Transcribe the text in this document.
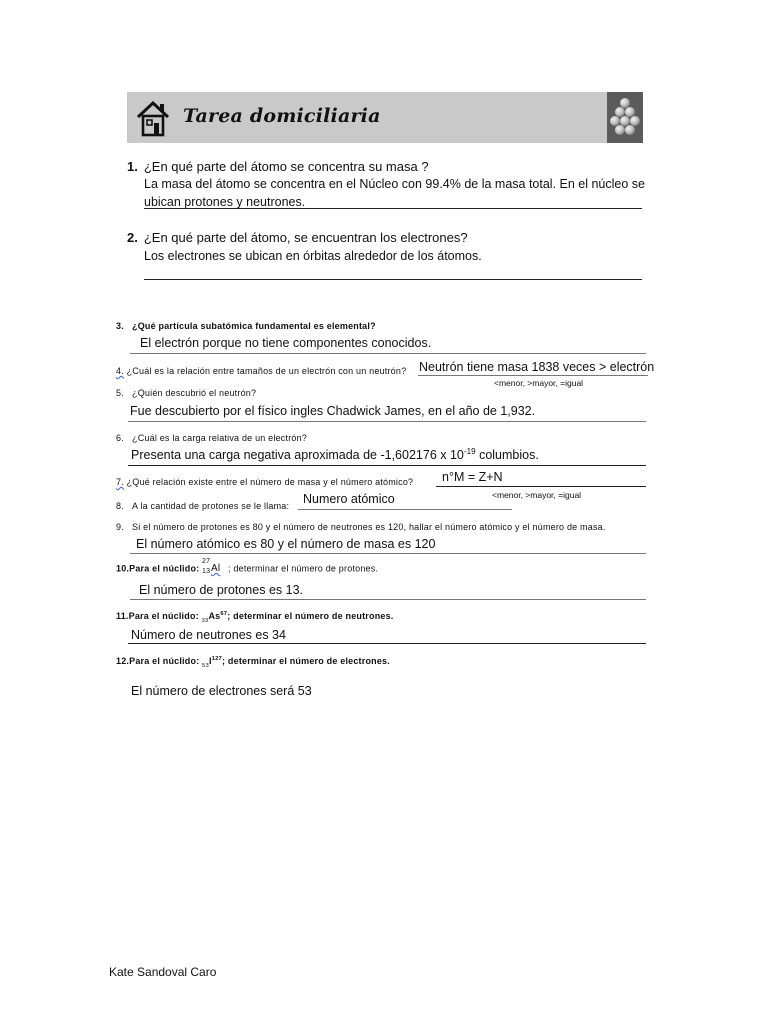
Tarea domiciliaria
1. ¿En qué parte del átomo se concentra su masa ?
La masa del átomo se concentra en el Núcleo con 99.4% de la masa total. En el núcleo se
ubican protones y neutrones.
2. ¿En qué parte del átomo, se encuentran los electrones?
Los electrones se ubican en órbitas alrededor de los átomos.
3. ¿Qué partícula subatómica fundamental es elemental?
El electrón porque no tiene componentes conocidos.
4. ¿Cuál es la relación entre tamaños de un electrón con un neutrón? Neutrón tiene masa 1838 veces > electrón
<menor, >mayor, =igual
5. ¿Quién descubrió el neutrón?
Fue descubierto por el físico ingles Chadwick James, en el año de 1,932.
6. ¿Cuál es la carga relativa de un electrón?
Presenta una carga negativa aproximada de -1,602176 x $10^{-19}$ columbios.
7. ¿Qué relación existe entre el número de masa y el número atómico? n°M = Z+N
<menor, >mayor, =igual
8. A la cantidad de protones se le llama: Numero atómico
9. Si el número de protones es 80 y el número de neutrones es 120, hallar el número atómico y el número de masa.
El número atómico es 80 y el número de masa es 120
10.Para el núclido:
27
13 Al ; determinar el número de protones.
El número de protones es 13.
11.Para el núclido: $_{33}As^{67}$; determinar el número de neutrones.
Número de neutrones es 34
12.Para el núclido: $_{53}I^{127}$; determinar el número de electrones.
El número de electrones será 53
Kate Sandoval Caro
